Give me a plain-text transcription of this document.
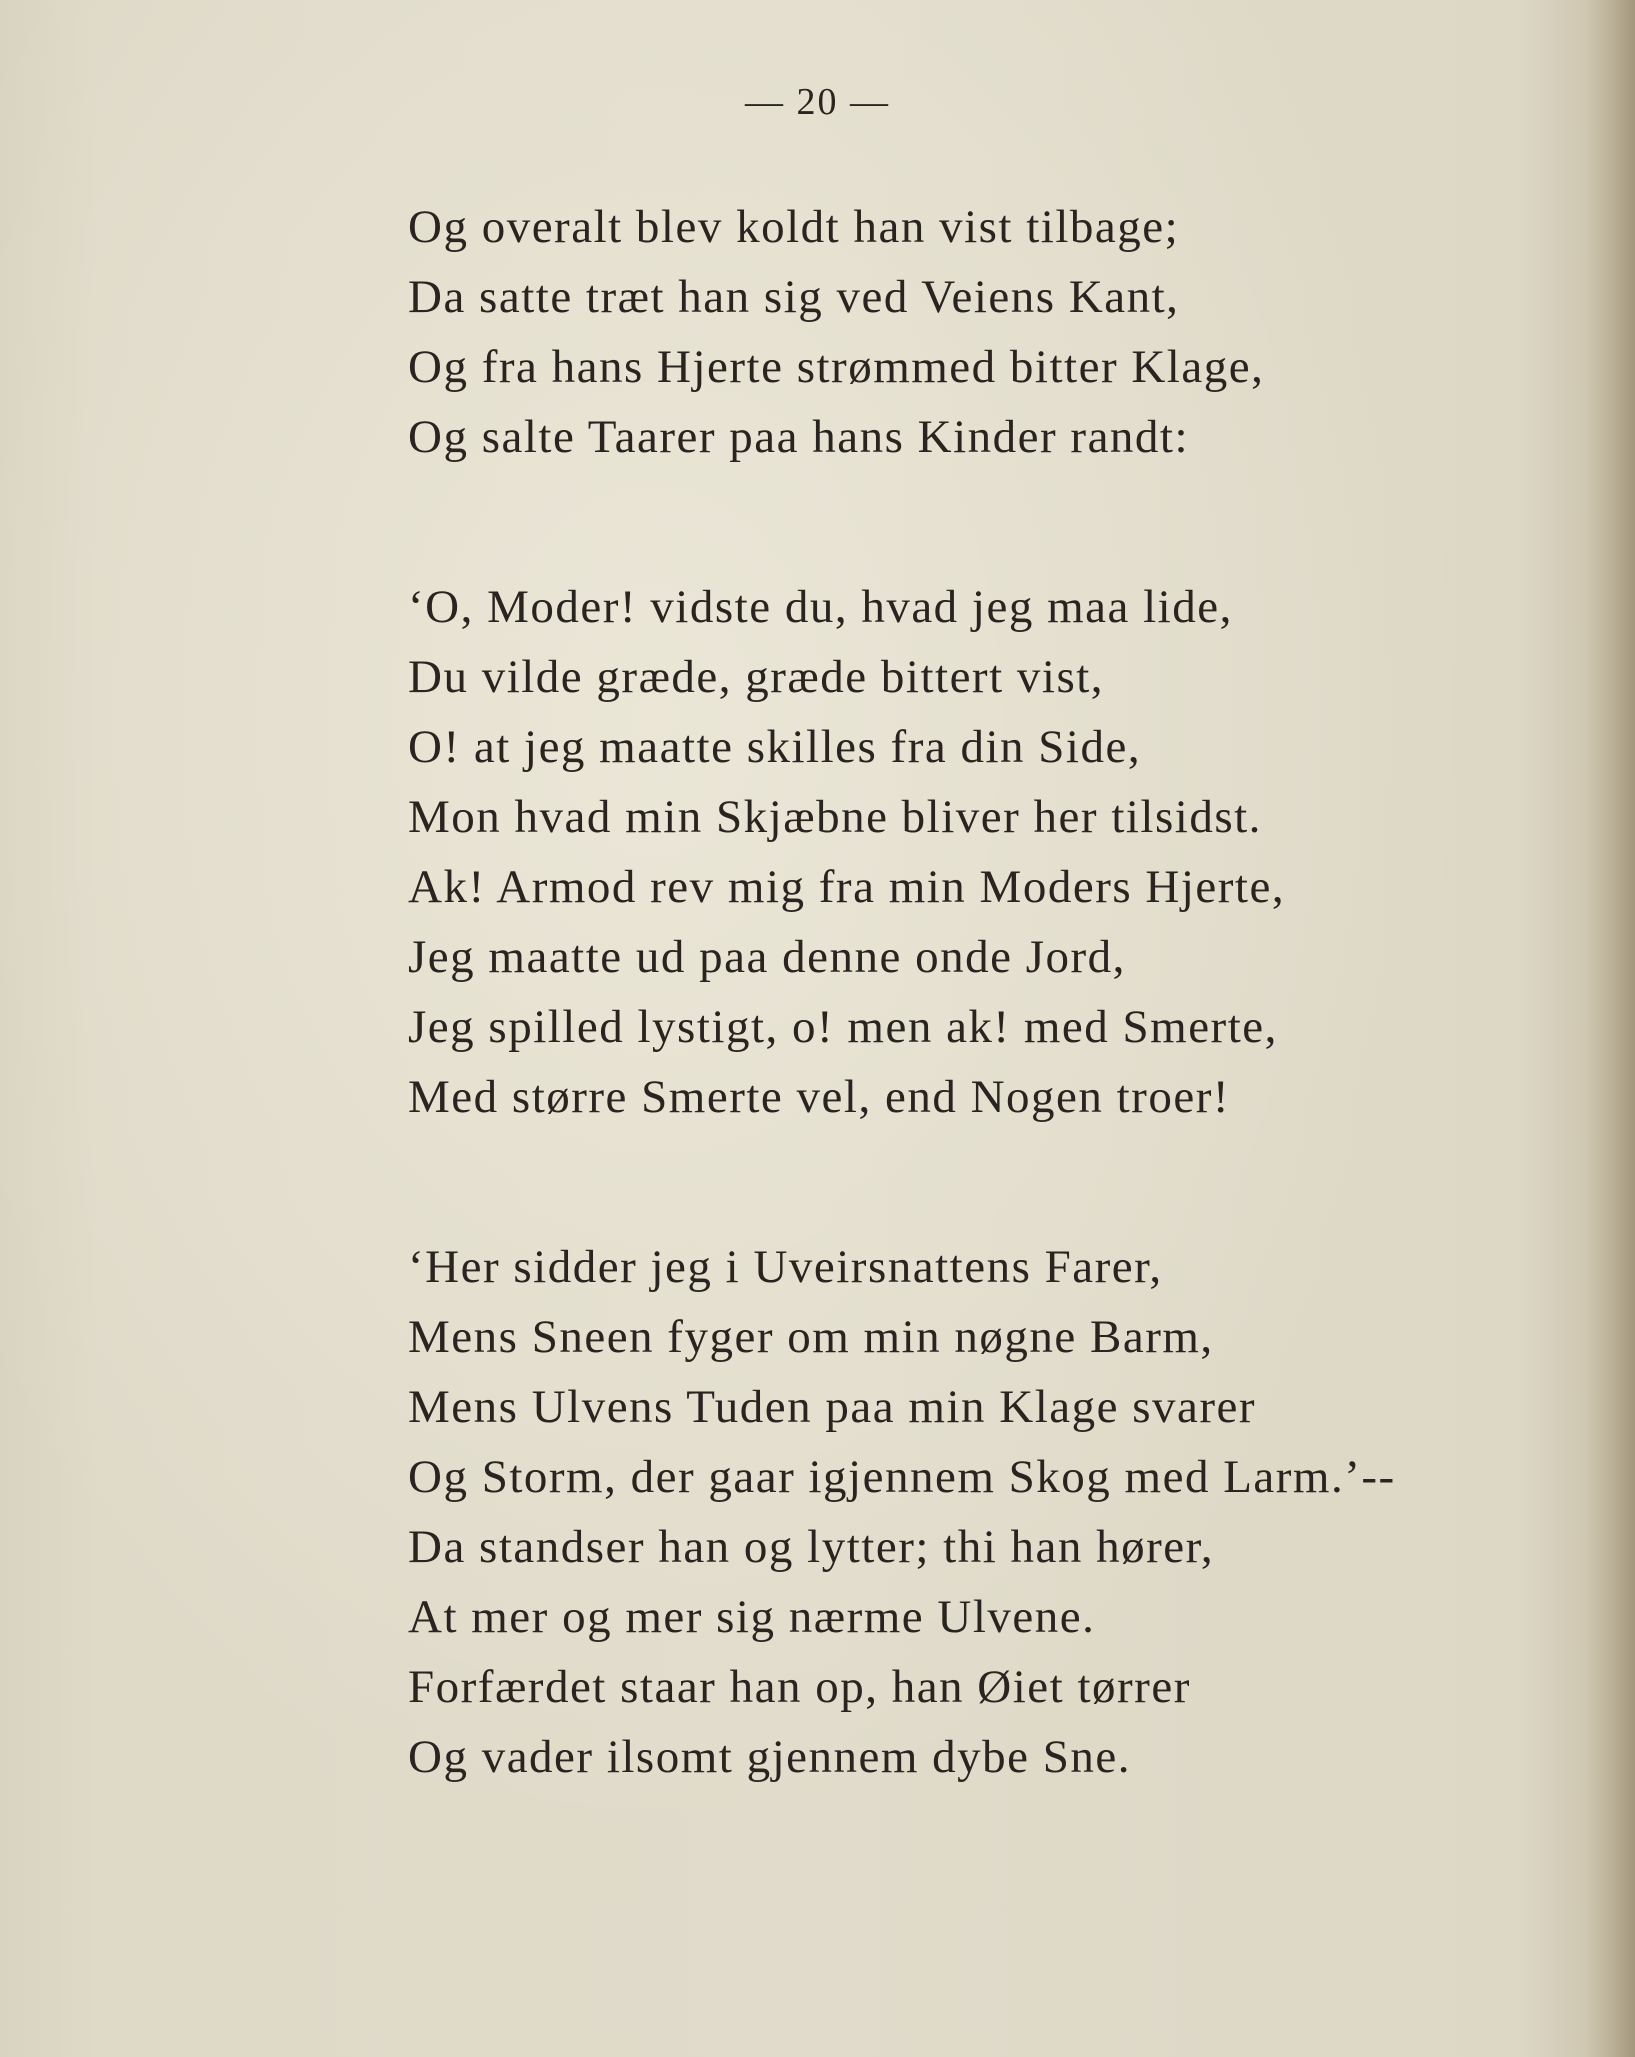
— 20 —
Og overalt blev koldt han vist tilbage;
Da satte træt han sig ved Veiens Kant,
Og fra hans Hjerte strømmed bitter Klage,
Og salte Taarer paa hans Kinder randt:
‘O, Moder! vidste du, hvad jeg maa lide,
Du vilde græde, græde bittert vist,
O! at jeg maatte skilles fra din Side,
Mon hvad min Skjæbne bliver her tilsidst.
Ak! Armod rev mig fra min Moders Hjerte,
Jeg maatte ud paa denne onde Jord,
Jeg spilled lystigt, o! men ak! med Smerte,
Med større Smerte vel, end Nogen troer!
‘Her sidder jeg i Uveirsnattens Farer,
Mens Sneen fyger om min nøgne Barm,
Mens Ulvens Tuden paa min Klage svarer
Og Storm, der gaar igjennem Skog med Larm.’--
Da standser han og lytter; thi han hører,
At mer og mer sig nærme Ulvene.
Forfærdet staar han op, han Øiet tørrer
Og vader ilsomt gjennem dybe Sne.
